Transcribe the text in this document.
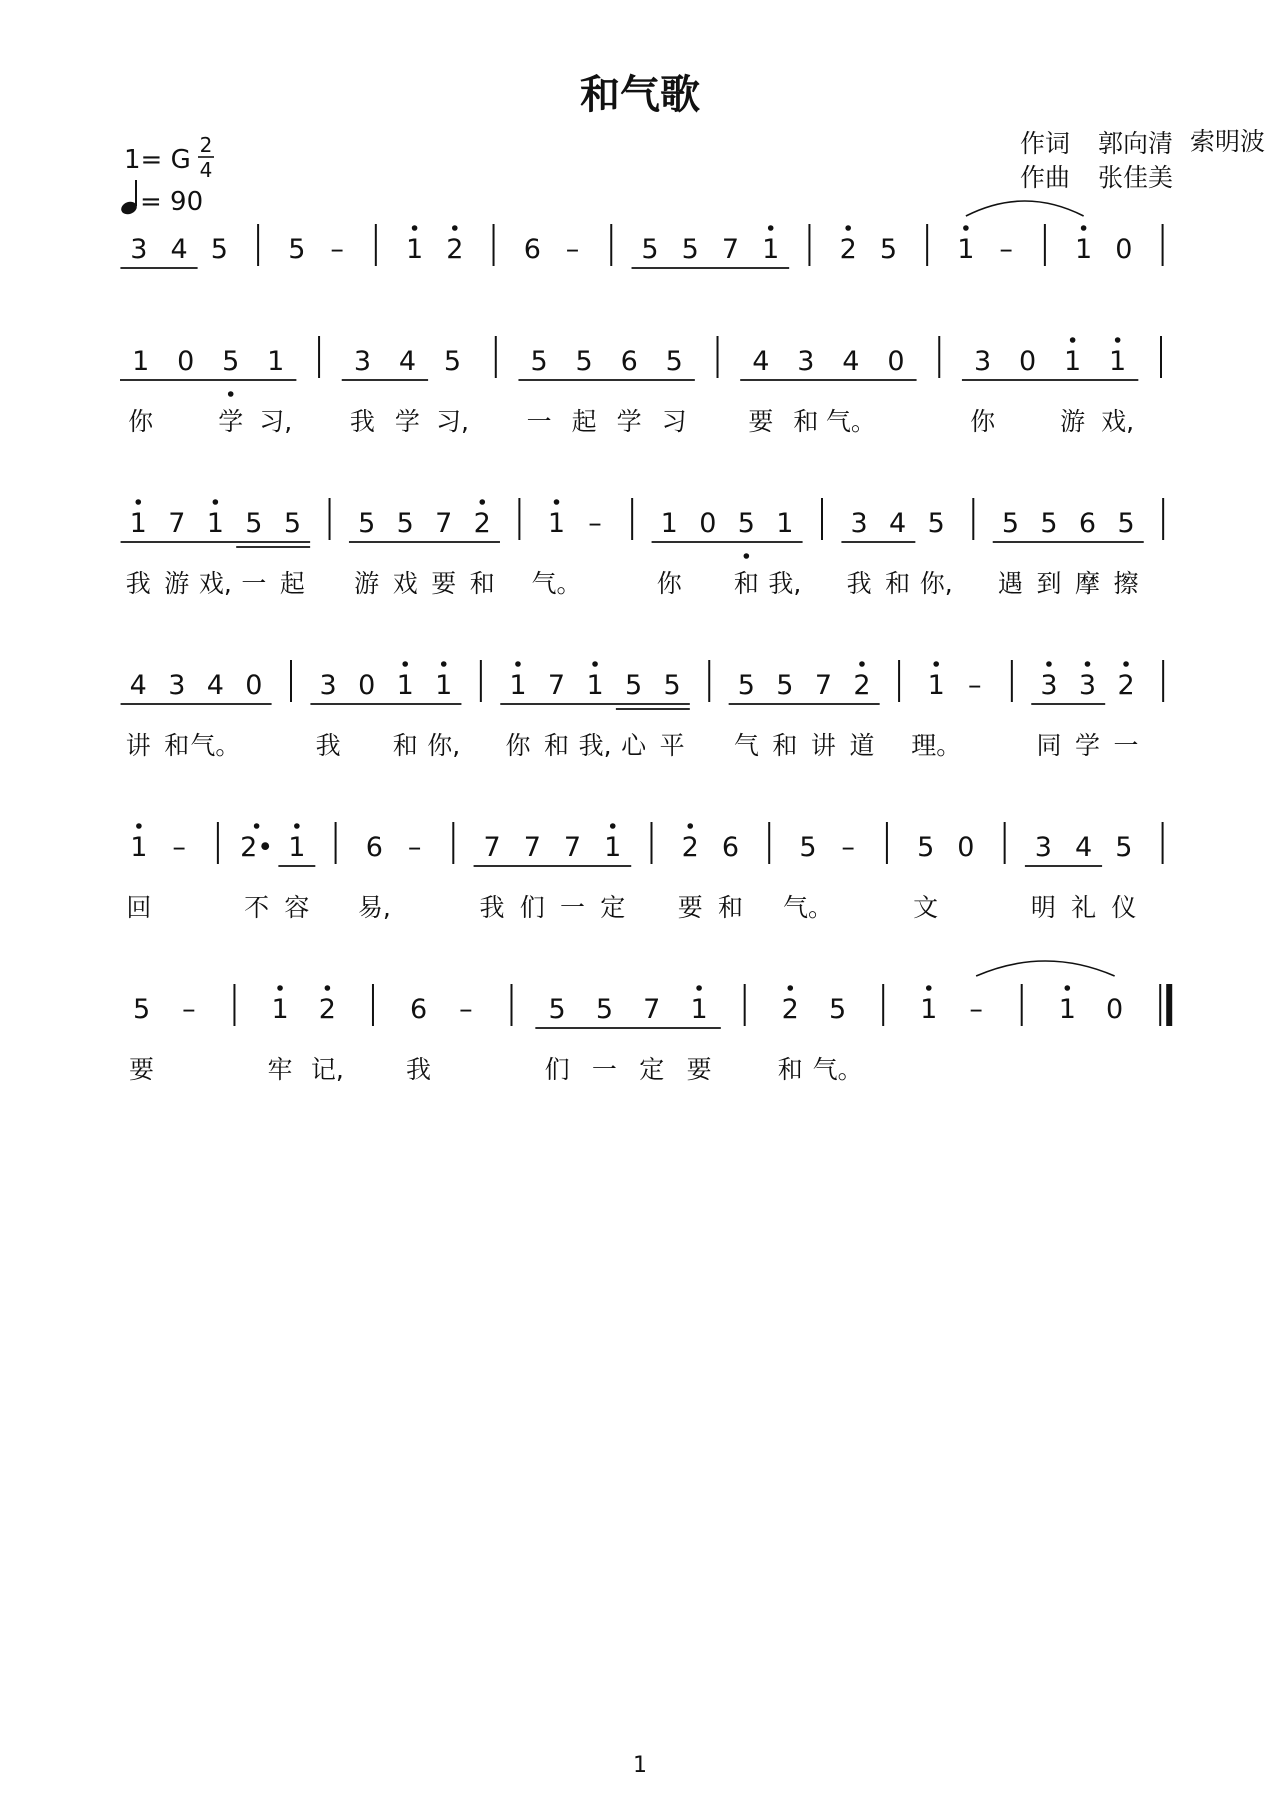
和气歌
作词 郭向清 索明波
作曲 张佳美
1= G 2
4
= 90
3 4 5 5 – 1 2 6 – 5 5 7 1 2 5 1 – 1 0
1 0 5 1	3 4 5	5 5 6 5	4 3 4 0	3 0 1 1
你	学 习, 我 学 习, 一 起 学 习 要 和 气。	你	游 戏,
1 7 1 5 5 5 5 7 2 1 – 1 0 5 1 3 4 5 5 5 6 5
我 游 戏, 一 起 游 戏 要 和 气。	你 和 我, 我 和 你, 遇 到 摩 擦
4 3 4 0 3 0 1 1 1 7 1 5 5 5 5 7 2 1 – 3 3 2
讲 和 气。	我 和 你, 你 和 我, 心 平 气 和 讲 道 理。	同 学 一
1 – 2• 1 6 – 7 7 7 1 2 6 5 – 5 0 3 4 5
回	不 容 易,	我 们 一 定 要 和 气。	文	明 礼 仪
5 –	1 2	6 –	5 5 7 1	2 5	1 –	1 0
要	牢 记, 我	们 一 定 要	和 气。
1
